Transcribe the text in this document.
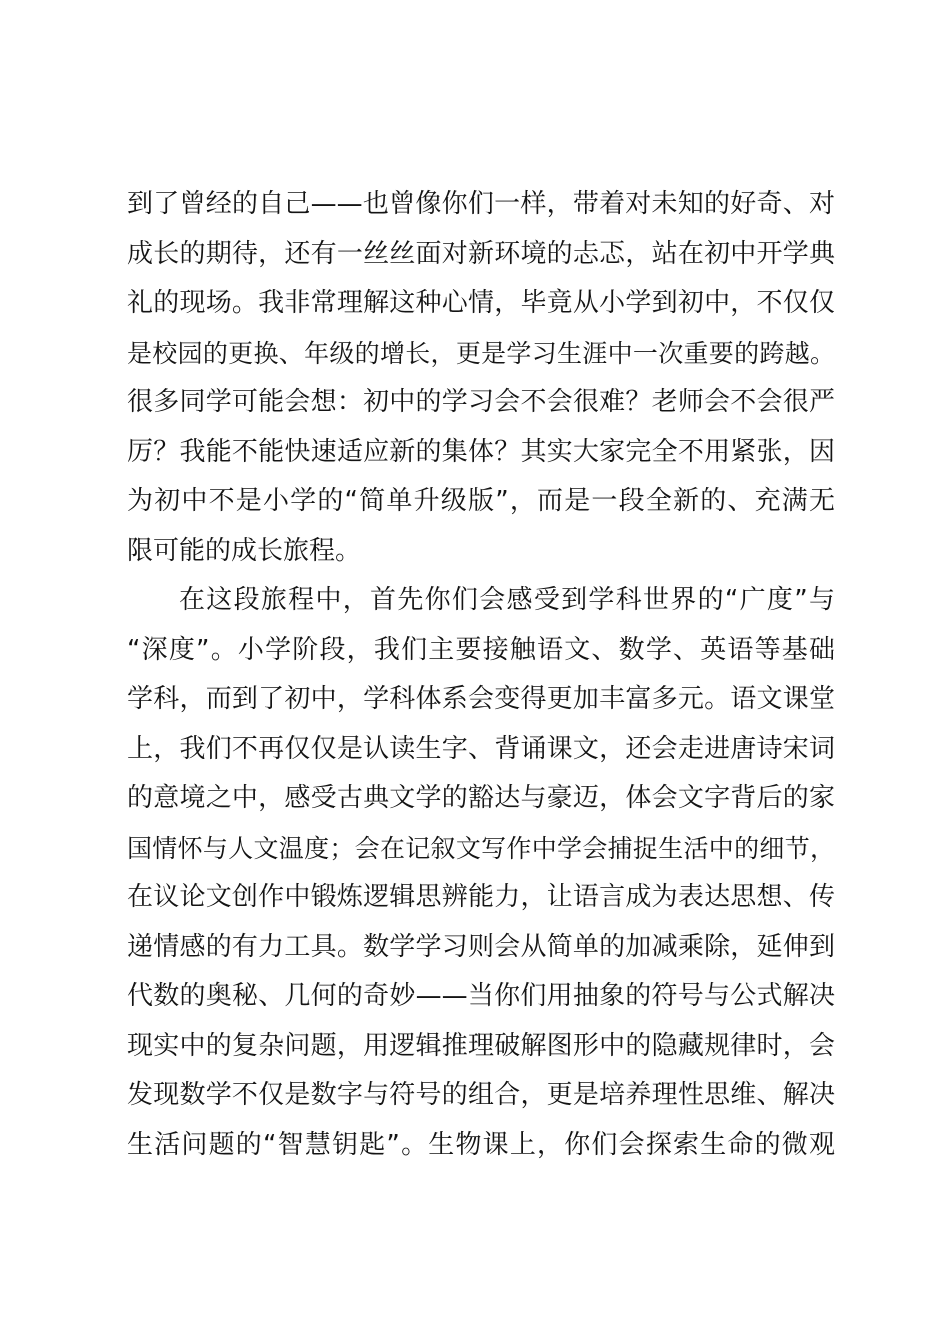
到了曾经的自己——也曾像你们一样，带着对未知的好奇、对
成长的期待，还有一丝丝面对新环境的忐忑，站在初中开学典
礼的现场。我非常理解这种心情，毕竟从小学到初中，不仅仅
是校园的更换、年级的增长，更是学习生涯中一次重要的跨越。
很多同学可能会想：初中的学习会不会很难？老师会不会很严
厉？我能不能快速适应新的集体？其实大家完全不用紧张，因
为初中不是小学的“简单升级版”，而是一段全新的、充满无
限可能的成长旅程。
在这段旅程中，首先你们会感受到学科世界的“广度”与
“深度”。小学阶段，我们主要接触语文、数学、英语等基础
学科，而到了初中，学科体系会变得更加丰富多元。语文课堂
上，我们不再仅仅是认读生字、背诵课文，还会走进唐诗宋词
的意境之中，感受古典文学的豁达与豪迈，体会文字背后的家
国情怀与人文温度；会在记叙文写作中学会捕捉生活中的细节，
在议论文创作中锻炼逻辑思辨能力，让语言成为表达思想、传
递情感的有力工具。数学学习则会从简单的加减乘除，延伸到
代数的奥秘、几何的奇妙——当你们用抽象的符号与公式解决
现实中的复杂问题，用逻辑推理破解图形中的隐藏规律时，会
发现数学不仅是数字与符号的组合，更是培养理性思维、解决
生活问题的“智慧钥匙”。生物课上，你们会探索生命的微观
